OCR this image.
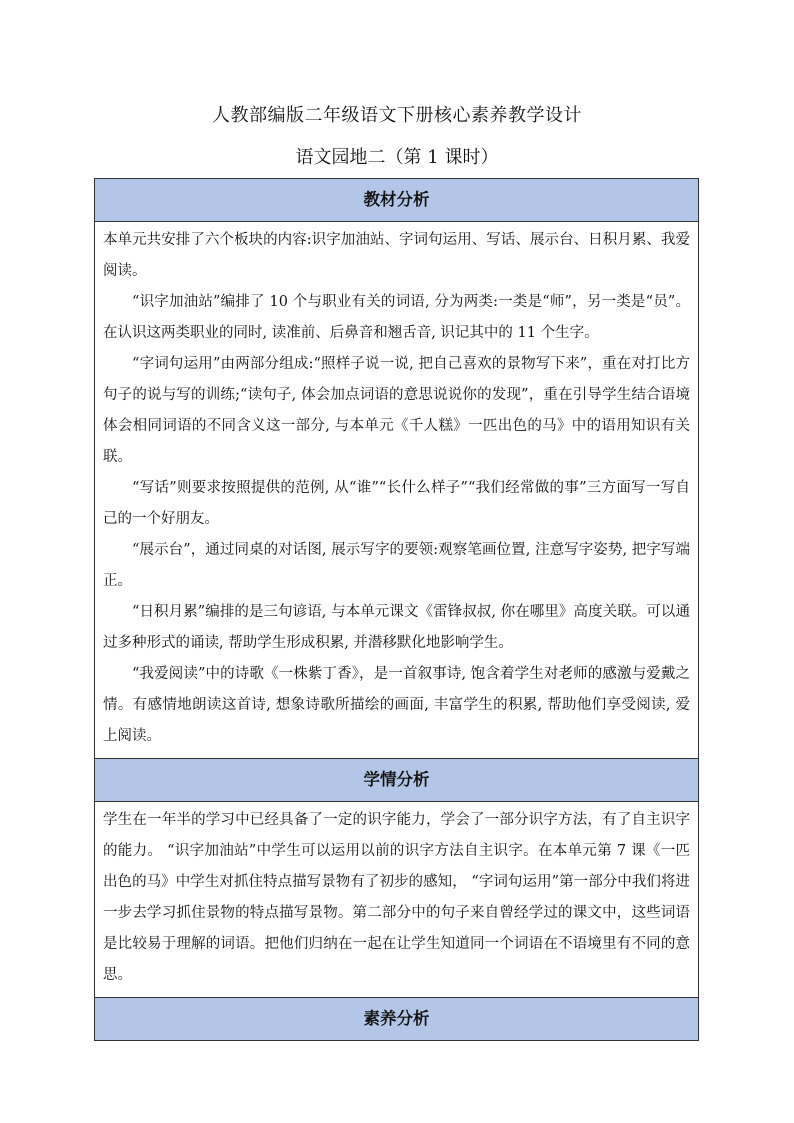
人教部编版二年级语文下册核心素养教学设计
语文园地二（第 1 课时）
教材分析

本单元共安排了六个板块的内容:识字加油站、字词句运用、写话、展示台、日积月累、我爱阅读。

“识字加油站”编排了 10 个与职业有关的词语, 分为两类:一类是“师”，另一类是“员”。在认识这两类职业的同时, 读准前、后鼻音和翘舌音, 识记其中的 11 个生字。

“字词句运用”由两部分组成:“照样子说一说, 把自己喜欢的景物写下来”，重在对打比方句子的说与写的训练;“读句子, 体会加点词语的意思说说你的发现”，重在引导学生结合语境体会相同词语的不同含义这一部分, 与本单元《千人糕》一匹出色的马》中的语用知识有关联。

“写话”则要求按照提供的范例, 从“谁”“长什么样子”“我们经常做的事”三方面写一写自己的一个好朋友。

“展示台”，通过同桌的对话图, 展示写字的要领:观察笔画位置, 注意写字姿势, 把字写端正。

“日积月累”编排的是三句谚语, 与本单元课文《雷锋叔叔, 你在哪里》高度关联。可以通过多种形式的诵读, 帮助学生形成积累, 并潜移默化地影响学生。

“我爱阅读”中的诗歌《一株紫丁香》，是一首叙事诗, 饱含着学生对老师的感激与爱戴之情。有感情地朗读这首诗, 想象诗歌所描绘的画面, 丰富学生的积累, 帮助他们享受阅读, 爱上阅读。

学情分析

学生在一年半的学习中已经具备了一定的识字能力，学会了一部分识字方法，有了自主识字的能力。 “识字加油站”中学生可以运用以前的识字方法自主识字。在本单元第 7 课《一匹出色的马》中学生对抓住特点描写景物有了初步的感知， “字词句运用”第一部分中我们将进一步去学习抓住景物的特点描写景物。第二部分中的句子来自曾经学过的课文中，这些词语是比较易于理解的词语。把他们归纳在一起在让学生知道同一个词语在不语境里有不同的意思。

素养分析
